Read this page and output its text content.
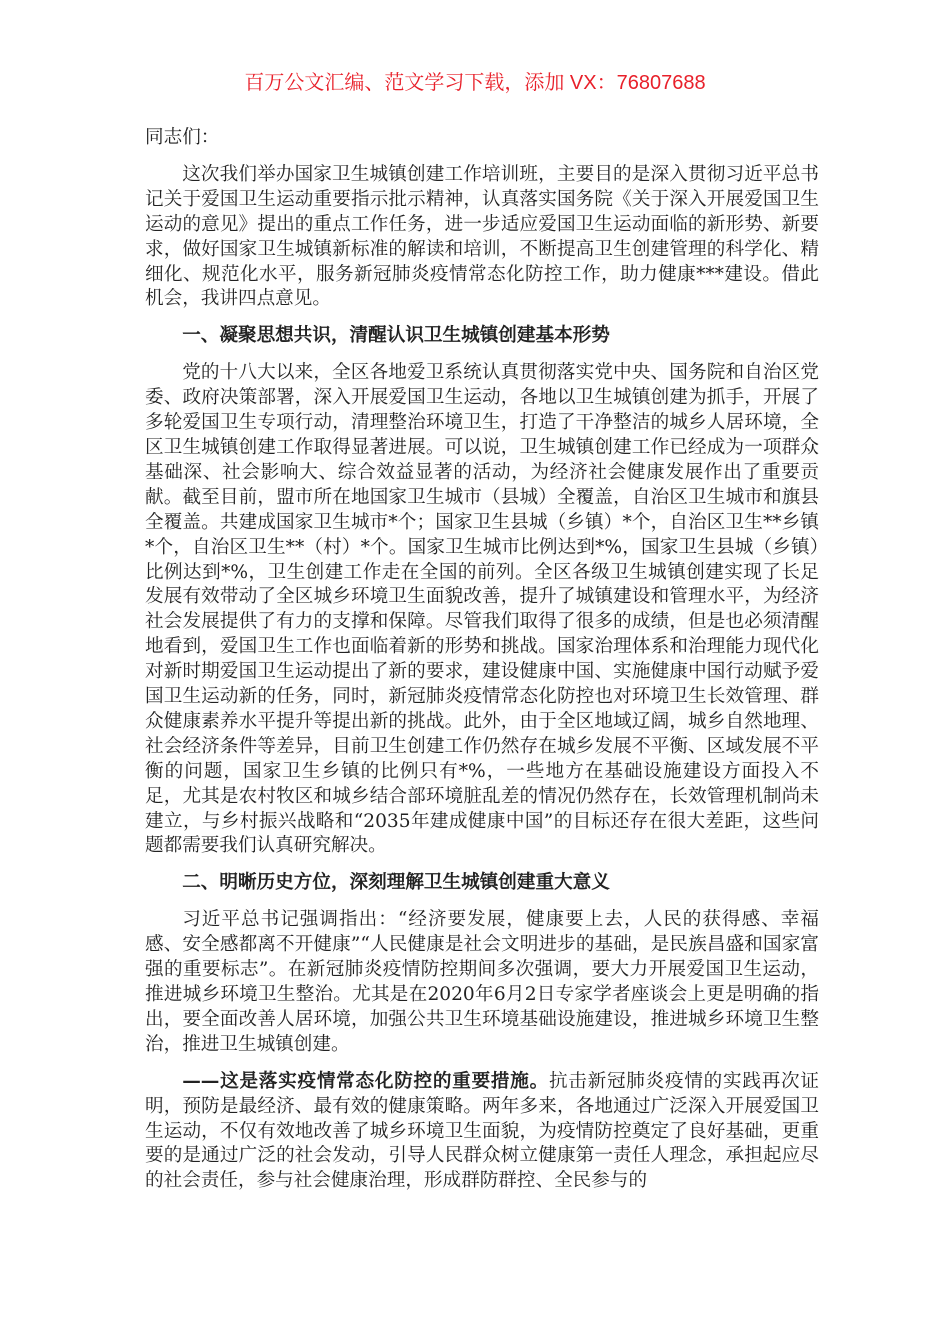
百万公文汇编、范文学习下载，添加 VX：76807688

同志们：

这次我们举办国家卫生城镇创建工作培训班，主要目的是深入贯彻习近平总书记关于爱国卫生运动重要指示批示精神，认真落实国务院《关于深入开展爱国卫生运动的意见》提出的重点工作任务，进一步适应爱国卫生运动面临的新形势、新要求，做好国家卫生城镇新标准的解读和培训，不断提高卫生创建管理的科学化、精细化、规范化水平，服务新冠肺炎疫情常态化防控工作，助力健康***建设。借此机会，我讲四点意见。

一、凝聚思想共识，清醒认识卫生城镇创建基本形势

党的十八大以来，全区各地爱卫系统认真贯彻落实党中央、国务院和自治区党委、政府决策部署，深入开展爱国卫生运动，各地以卫生城镇创建为抓手，开展了多轮爱国卫生专项行动，清理整治环境卫生，打造了干净整洁的城乡人居环境，全区卫生城镇创建工作取得显著进展。可以说，卫生城镇创建工作已经成为一项群众基础深、社会影响大、综合效益显著的活动，为经济社会健康发展作出了重要贡献。截至目前，盟市所在地国家卫生城市（县城）全覆盖，自治区卫生城市和旗县全覆盖。共建成国家卫生城市*个；国家卫生县城（乡镇）*个，自治区卫生**乡镇*个，自治区卫生**（村）*个。国家卫生城市比例达到*%，国家卫生县城（乡镇）比例达到*%，卫生创建工作走在全国的前列。全区各级卫生城镇创建实现了长足发展有效带动了全区城乡环境卫生面貌改善，提升了城镇建设和管理水平，为经济社会发展提供了有力的支撑和保障。尽管我们取得了很多的成绩，但是也必须清醒地看到，爱国卫生工作也面临着新的形势和挑战。国家治理体系和治理能力现代化对新时期爱国卫生运动提出了新的要求，建设健康中国、实施健康中国行动赋予爱国卫生运动新的任务，同时，新冠肺炎疫情常态化防控也对环境卫生长效管理、群众健康素养水平提升等提出新的挑战。此外，由于全区地域辽阔，城乡自然地理、社会经济条件等差异，目前卫生创建工作仍然存在城乡发展不平衡、区域发展不平衡的问题，国家卫生乡镇的比例只有*%，一些地方在基础设施建设方面投入不足，尤其是农村牧区和城乡结合部环境脏乱差的情况仍然存在，长效管理机制尚未建立，与乡村振兴战略和“2035年建成健康中国”的目标还存在很大差距，这些问题都需要我们认真研究解决。

二、明晰历史方位，深刻理解卫生城镇创建重大意义

习近平总书记强调指出：“经济要发展，健康要上去，人民的获得感、幸福感、安全感都离不开健康”“人民健康是社会文明进步的基础，是民族昌盛和国家富强的重要标志”。在新冠肺炎疫情防控期间多次强调，要大力开展爱国卫生运动，推进城乡环境卫生整治。尤其是在2020年6月2日专家学者座谈会上更是明确的指出，要全面改善人居环境，加强公共卫生环境基础设施建设，推进城乡环境卫生整治，推进卫生城镇创建。

——这是落实疫情常态化防控的重要措施。抗击新冠肺炎疫情的实践再次证明，预防是最经济、最有效的健康策略。两年多来，各地通过广泛深入开展爱国卫生运动，不仅有效地改善了城乡环境卫生面貌，为疫情防控奠定了良好基础，更重要的是通过广泛的社会发动，引导人民群众树立健康第一责任人理念，承担起应尽的社会责任，参与社会健康治理，形成群防群控、全民参与的
